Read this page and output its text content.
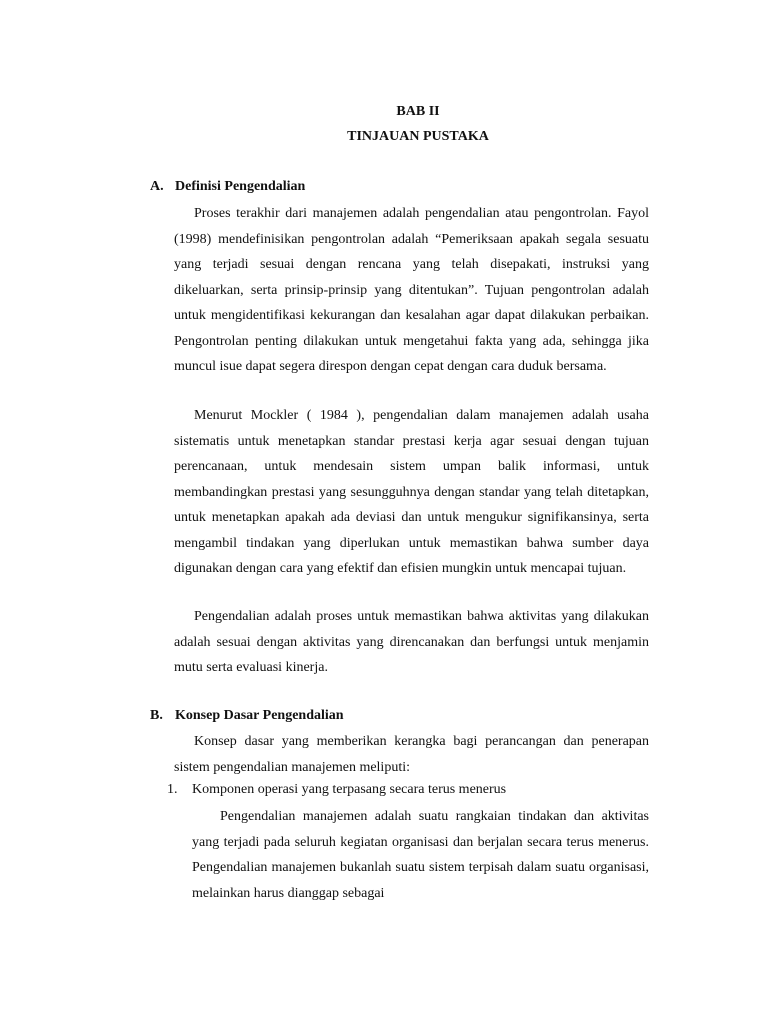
BAB II
TINJAUAN PUSTAKA
A. Definisi Pengendalian

Proses terakhir dari manajemen adalah pengendalian atau pengontrolan. Fayol (1998) mendefinisikan pengontrolan adalah “Pemeriksaan apakah segala sesuatu yang terjadi sesuai dengan rencana yang telah disepakati, instruksi yang dikeluarkan, serta prinsip-prinsip yang ditentukan”. Tujuan pengontrolan adalah untuk mengidentifikasi kekurangan dan kesalahan agar dapat dilakukan perbaikan. Pengontrolan penting dilakukan untuk mengetahui fakta yang ada, sehingga jika muncul isue dapat segera direspon dengan cepat dengan cara duduk bersama.

Menurut Mockler ( 1984 ), pengendalian dalam manajemen adalah usaha sistematis untuk menetapkan standar prestasi kerja agar sesuai dengan tujuan perencanaan, untuk mendesain sistem umpan balik informasi, untuk membandingkan prestasi yang sesungguhnya dengan standar yang telah ditetapkan, untuk menetapkan apakah ada deviasi dan untuk mengukur signifikansinya, serta mengambil tindakan yang diperlukan untuk memastikan bahwa sumber daya digunakan dengan cara yang efektif dan efisien mungkin untuk mencapai tujuan.

Pengendalian adalah proses untuk memastikan bahwa aktivitas yang dilakukan adalah sesuai dengan aktivitas yang direncanakan dan berfungsi untuk menjamin mutu serta evaluasi kinerja.

B. Konsep Dasar Pengendalian

Konsep dasar yang memberikan kerangka bagi perancangan dan penerapan sistem pengendalian manajemen meliputi:

1. Komponen operasi yang terpasang secara terus menerus

Pengendalian manajemen adalah suatu rangkaian tindakan dan aktivitas yang terjadi pada seluruh kegiatan organisasi dan berjalan secara terus menerus. Pengendalian manajemen bukanlah suatu sistem terpisah dalam suatu organisasi, melainkan harus dianggap sebagai
